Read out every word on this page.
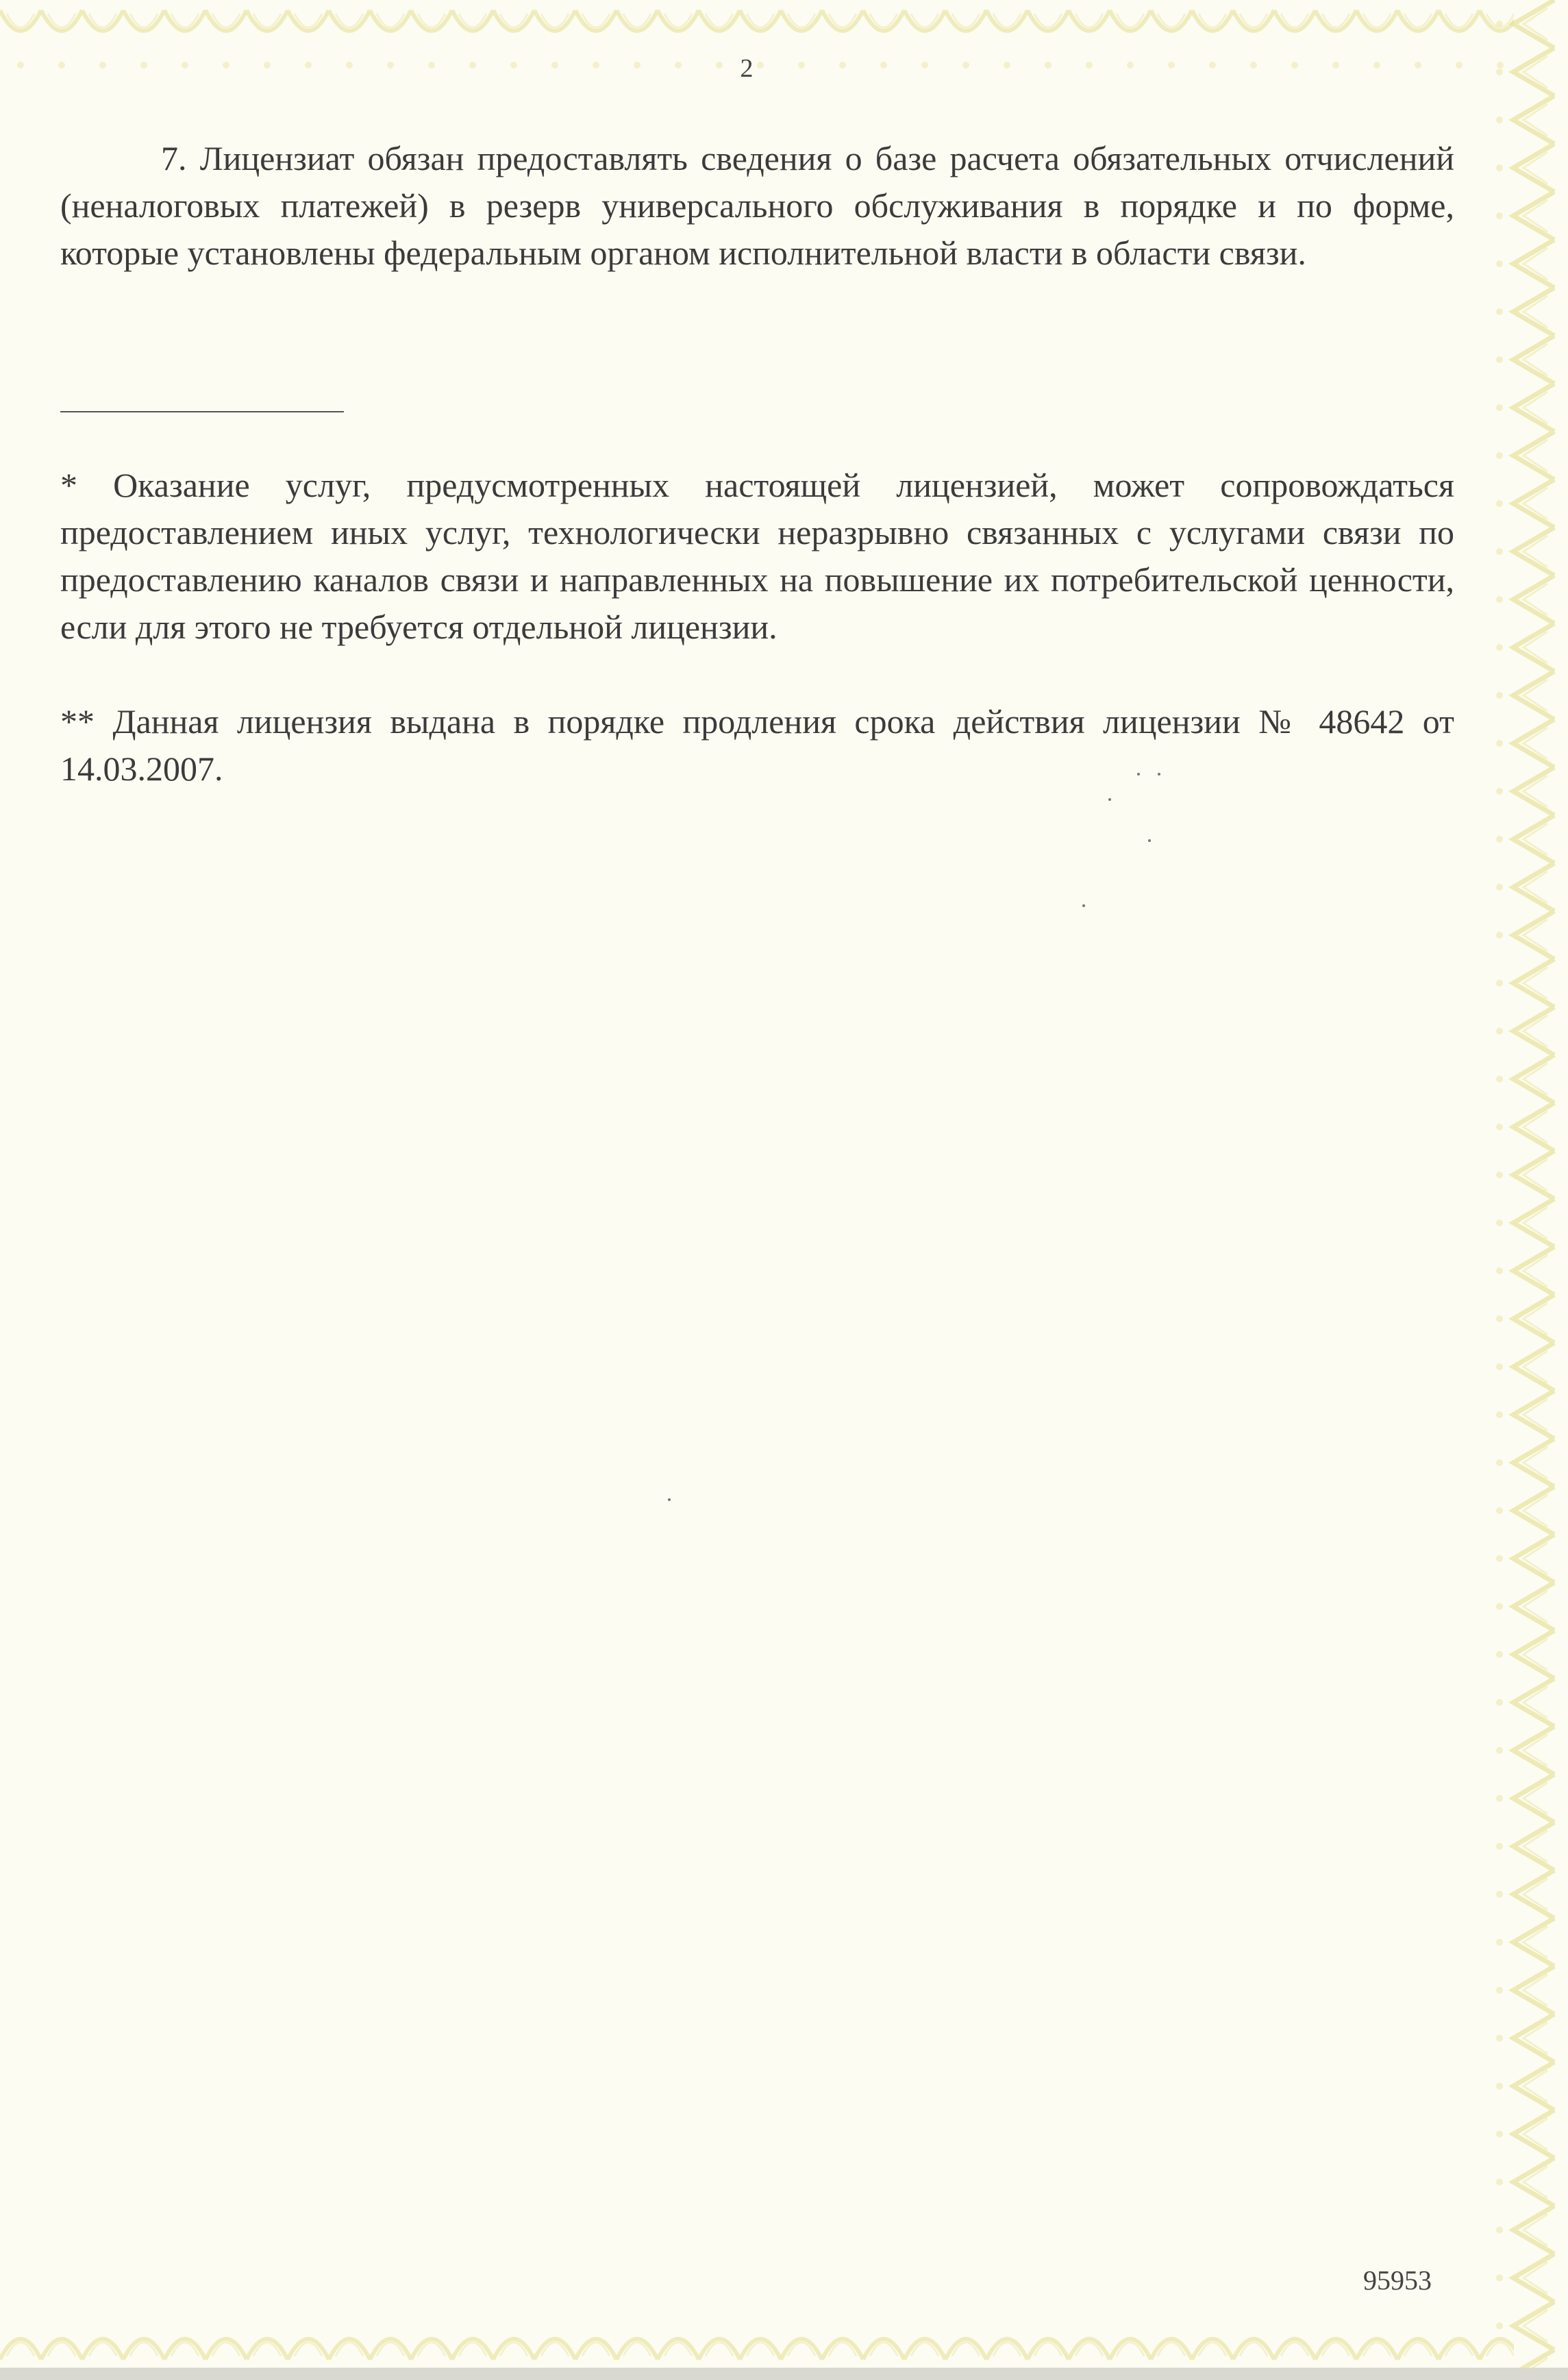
2
7. Лицензиат обязан предоставлять сведения о базе расчета обязательных отчислений (неналоговых платежей) в резерв универсального обслуживания в порядке и по форме, которые установлены федеральным органом исполнительной власти в области связи.
* Оказание услуг, предусмотренных настоящей лицензией, может сопровождаться предоставлением иных услуг, технологически неразрывно связанных с услугами связи по предоставлению каналов связи и направленных на повышение их потребительской ценности, если для этого не требуется отдельной лицензии.
** Данная лицензия выдана в порядке продления срока действия лицензии № 48642 от 14.03.2007.
95953
